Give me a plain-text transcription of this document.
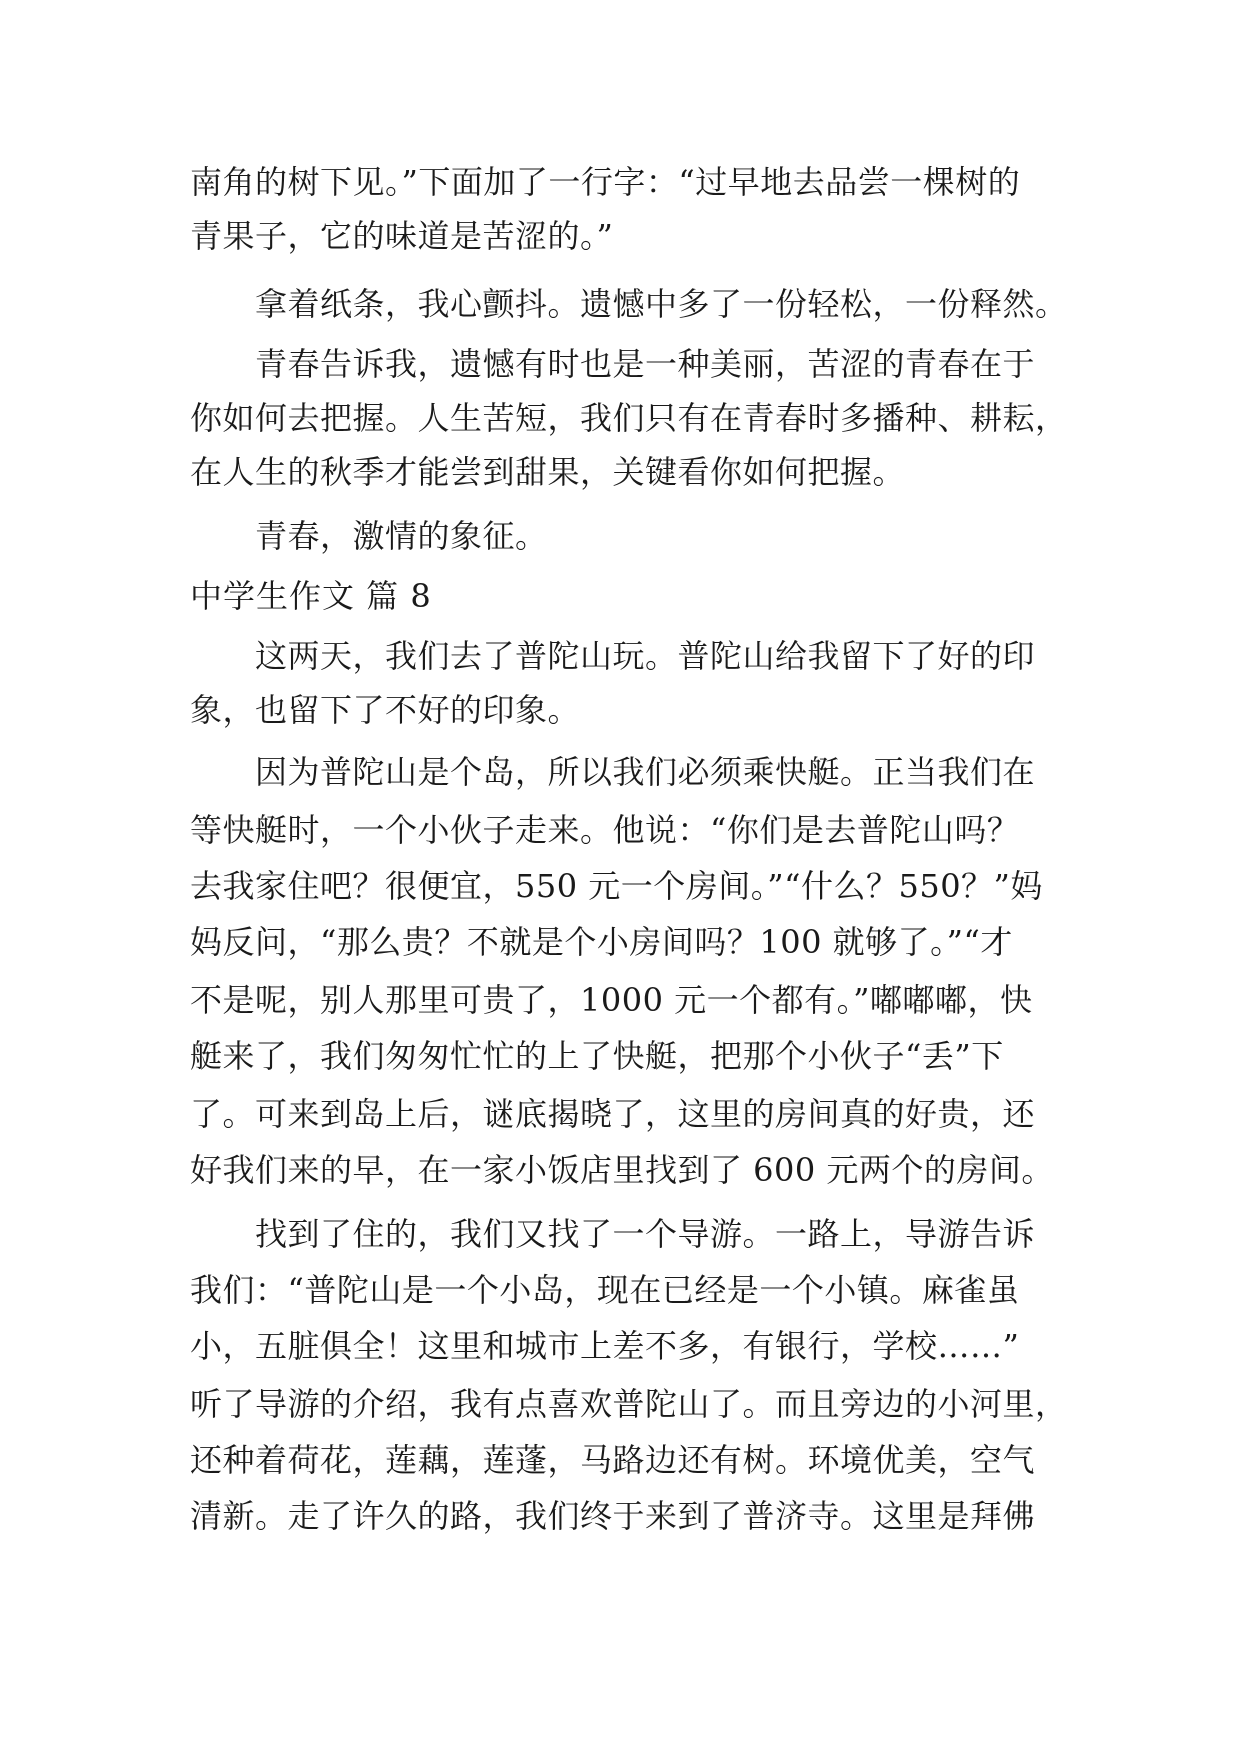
南角的树下见。”下面加了一行字：“过早地去品尝一棵树的
青果子，它的味道是苦涩的。”
拿着纸条，我心颤抖。遗憾中多了一份轻松，一份释然。
青春告诉我，遗憾有时也是一种美丽，苦涩的青春在于
你如何去把握。人生苦短，我们只有在青春时多播种、耕耘，
在人生的秋季才能尝到甜果，关键看你如何把握。
青春，激情的象征。
中学生作文 篇 8
这两天，我们去了普陀山玩。普陀山给我留下了好的印
象，也留下了不好的印象。
因为普陀山是个岛，所以我们必须乘快艇。正当我们在
等快艇时，一个小伙子走来。他说：“你们是去普陀山吗？
去我家住吧？很便宜，550 元一个房间。”“什么？550？”妈
妈反问，“那么贵？不就是个小房间吗？100 就够了。”“才
不是呢，别人那里可贵了，1000 元一个都有。”嘟嘟嘟，快
艇来了，我们匆匆忙忙的上了快艇，把那个小伙子“丢”下
了。可来到岛上后，谜底揭晓了，这里的房间真的好贵，还
好我们来的早，在一家小饭店里找到了 600 元两个的房间。
找到了住的，我们又找了一个导游。一路上，导游告诉
我们：“普陀山是一个小岛，现在已经是一个小镇。麻雀虽
小，五脏俱全！这里和城市上差不多，有银行，学校……”
听了导游的介绍，我有点喜欢普陀山了。而且旁边的小河里，
还种着荷花，莲藕，莲蓬，马路边还有树。环境优美，空气
清新。走了许久的路，我们终于来到了普济寺。这里是拜佛
